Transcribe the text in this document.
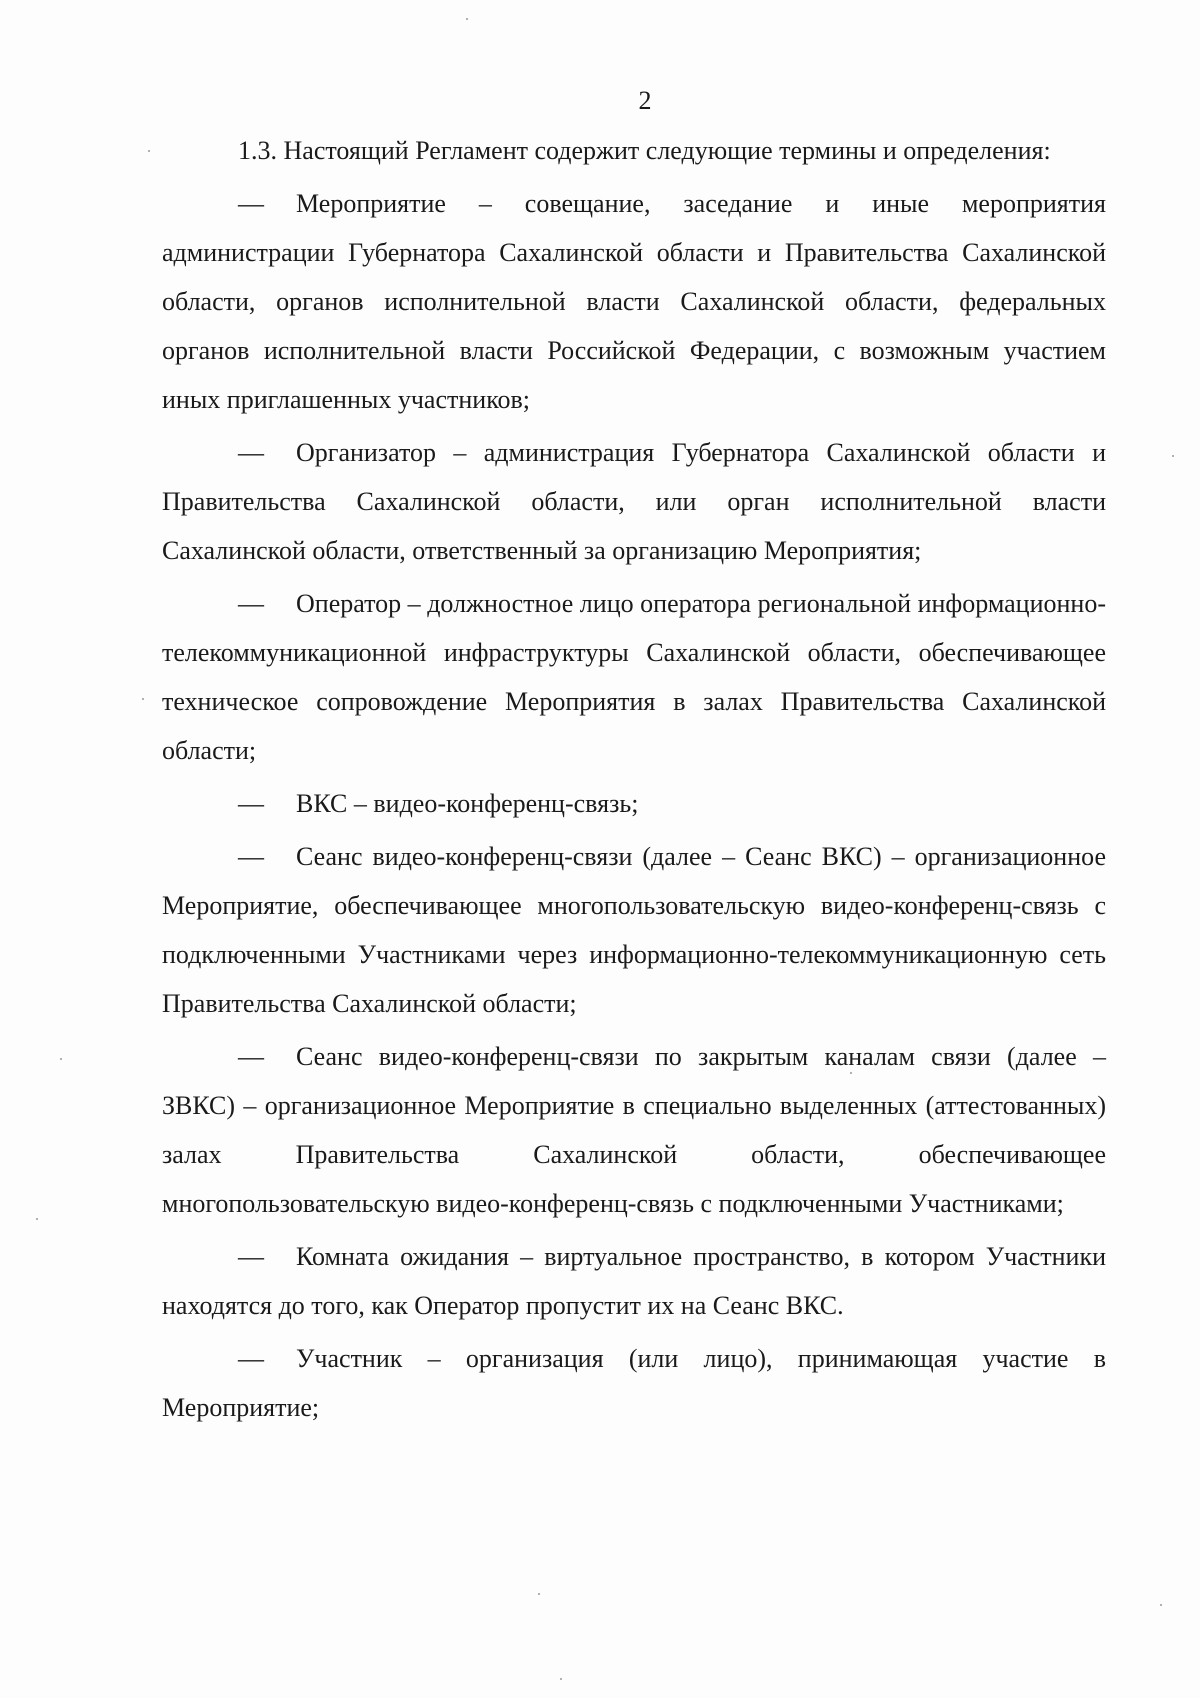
2

1.3. Настоящий Регламент содержит следующие термины и определения:

— Мероприятие – совещание, заседание и иные мероприятия администрации Губернатора Сахалинской области и Правительства Сахалинской области, органов исполнительной власти Сахалинской области, федеральных органов исполнительной власти Российской Федерации, с возможным участием иных приглашенных участников;

— Организатор – администрация Губернатора Сахалинской области и Правительства Сахалинской области, или орган исполнительной власти Сахалинской области, ответственный за организацию Мероприятия;

— Оператор – должностное лицо оператора региональной информационно-телекоммуникационной инфраструктуры Сахалинской области, обеспечивающее техническое сопровождение Мероприятия в залах Правительства Сахалинской области;

— ВКС – видео-конференц-связь;

— Сеанс видео-конференц-связи (далее – Сеанс ВКС) – организационное Мероприятие, обеспечивающее многопользовательскую видео-конференц-связь с подключенными Участниками через информационно-телекоммуникационную сеть Правительства Сахалинской области;

— Сеанс видео-конференц-связи по закрытым каналам связи (далее – ЗВКС) – организационное Мероприятие в специально выделенных (аттестованных) залах Правительства Сахалинской области, обеспечивающее многопользовательскую видео-конференц-связь с подключенными Участниками;

— Комната ожидания – виртуальное пространство, в котором Участники находятся до того, как Оператор пропустит их на Сеанс ВКС.

— Участник – организация (или лицо), принимающая участие в Мероприятие;
